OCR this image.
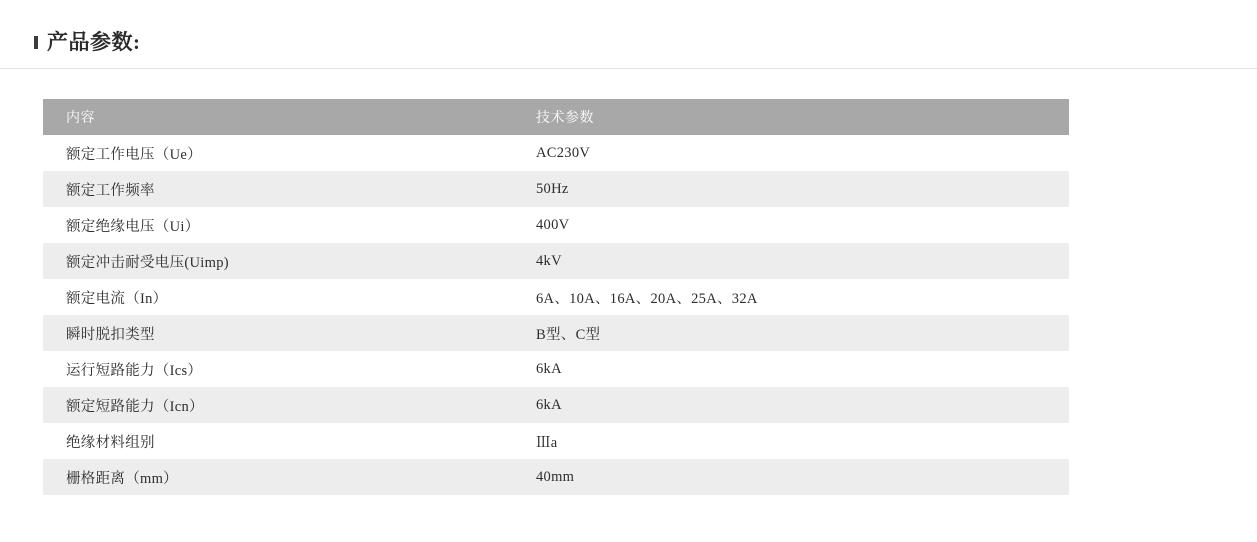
产品参数:
内容	技术参数
额定工作电压（Ue）	AC230V
额定工作频率	50Hz
额定绝缘电压（Ui）	400V
额定冲击耐受电压(Uimp)	4kV
额定电流（In）	6A、10A、16A、20A、25A、32A
瞬时脱扣类型	B型、C型
运行短路能力（Ics）	6kA
额定短路能力（Icn）	6kA
绝缘材料组别	Ⅲa
栅格距离（mm）	40mm
